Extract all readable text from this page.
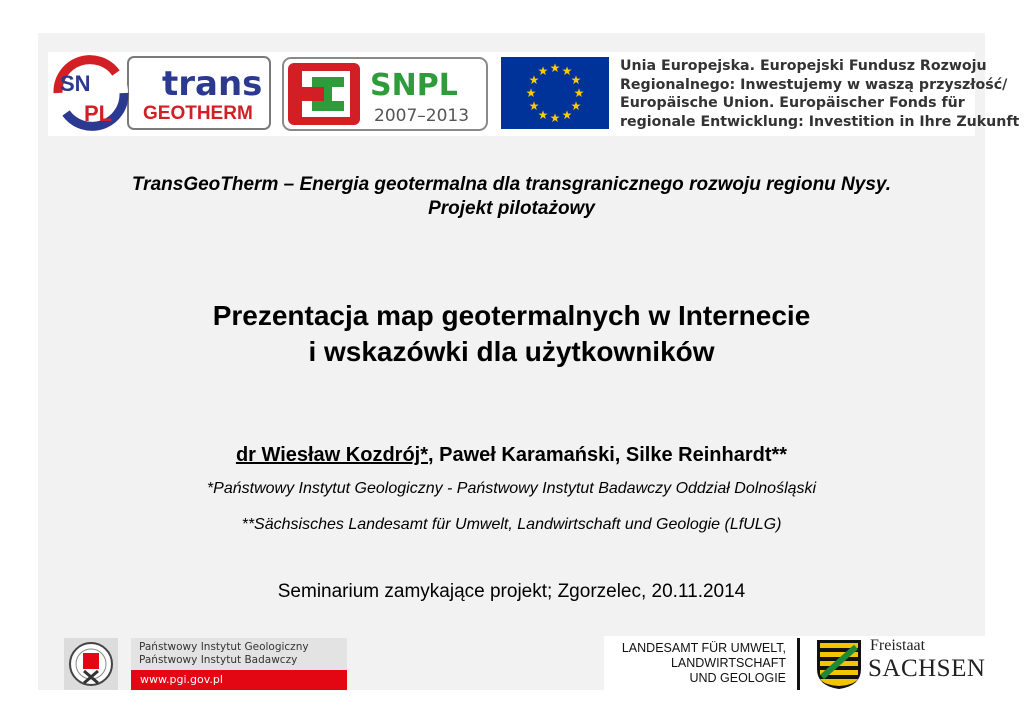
SN
PL
trans
GEOTHERM
SNPL
2007–2013
★ ★
★
★
★
★
★
★
★
★
★
★	Unia Europejska. Europejski Fundusz Rozwoju
Regionalnego: Inwestujemy w waszą przyszłość/
Europäische Union. Europäischer Fonds für
regionale Entwicklung: Investition in Ihre Zukunft
TransGeoTherm – Energia geotermalna dla transgranicznego rozwoju regionu Nysy.
Projekt pilotażowy
Prezentacja map geotermalnych w Internecie
i wskazówki dla użytkowników
dr Wiesław Kozdrój*, Paweł Karamański, Silke Reinhardt**
*Państwowy Instytut Geologiczny - Państwowy Instytut Badawczy Oddział Dolnośląski
**Sächsisches Landesamt für Umwelt, Landwirtschaft und Geologie (LfULG)
Seminarium zamykające projekt; Zgorzelec, 20.11.2014
Państwowy Instytut Geologiczny
Państwowy Instytut Badawczy
www.pgi.gov.pl
LANDESAMT FÜR UMWELT,
LANDWIRTSCHAFT
UND GEOLOGIE
Freistaat
SACHSEN
